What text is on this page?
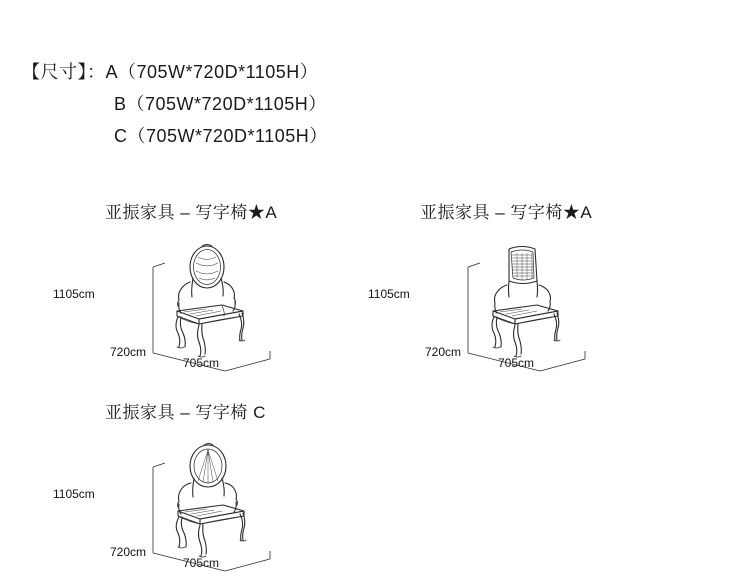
【尺寸】：A（705W*720D*1105H）
B（705W*720D*1105H）
C（705W*720D*1105H）
亚振家具 – 写字椅★A
1105cm
720cm
705cm
亚振家具 – 写字椅★A
1105cm
720cm
705cm
亚振家具 – 写字椅 C
1105cm
720cm
705cm
